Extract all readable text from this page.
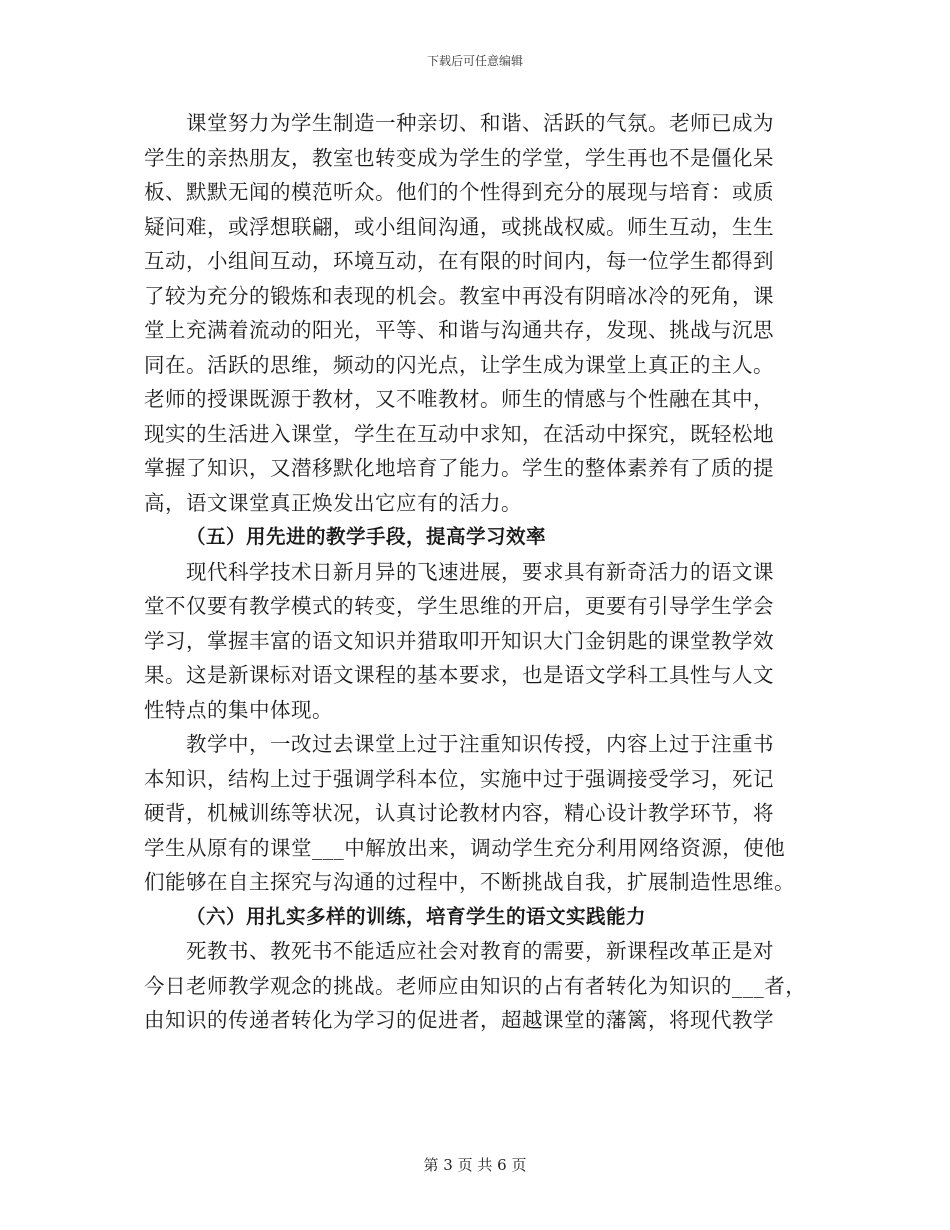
下载后可任意编辑
课堂努力为学生制造一种亲切、和谐、活跃的气氛。老师已成为
学生的亲热朋友，教室也转变成为学生的学堂，学生再也不是僵化呆
板、默默无闻的模范听众。他们的个性得到充分的展现与培育：或质
疑问难，或浮想联翩，或小组间沟通，或挑战权威。师生互动，生生
互动，小组间互动，环境互动，在有限的时间内，每一位学生都得到
了较为充分的锻炼和表现的机会。教室中再没有阴暗冰冷的死角，课
堂上充满着流动的阳光，平等、和谐与沟通共存，发现、挑战与沉思
同在。活跃的思维，频动的闪光点，让学生成为课堂上真正的主人。
老师的授课既源于教材，又不唯教材。师生的情感与个性融在其中，
现实的生活进入课堂，学生在互动中求知，在活动中探究，既轻松地
掌握了知识，又潜移默化地培育了能力。学生的整体素养有了质的提
高，语文课堂真正焕发出它应有的活力。
（五）用先进的教学手段，提高学习效率
现代科学技术日新月异的飞速进展，要求具有新奇活力的语文课
堂不仅要有教学模式的转变，学生思维的开启，更要有引导学生学会
学习，掌握丰富的语文知识并猎取叩开知识大门金钥匙的课堂教学效
果。这是新课标对语文课程的基本要求，也是语文学科工具性与人文
性特点的集中体现。
教学中，一改过去课堂上过于注重知识传授，内容上过于注重书
本知识，结构上过于强调学科本位，实施中过于强调接受学习，死记
硬背，机械训练等状况，认真讨论教材内容，精心设计教学环节，将
学生从原有的课堂___中解放出来，调动学生充分利用网络资源，使他
们能够在自主探究与沟通的过程中，不断挑战自我，扩展制造性思维。
（六）用扎实多样的训练，培育学生的语文实践能力
死教书、教死书不能适应社会对教育的需要，新课程改革正是对
今日老师教学观念的挑战。老师应由知识的占有者转化为知识的___者，
由知识的传递者转化为学习的促进者，超越课堂的藩篱，将现代教学
第 3 页 共 6 页
